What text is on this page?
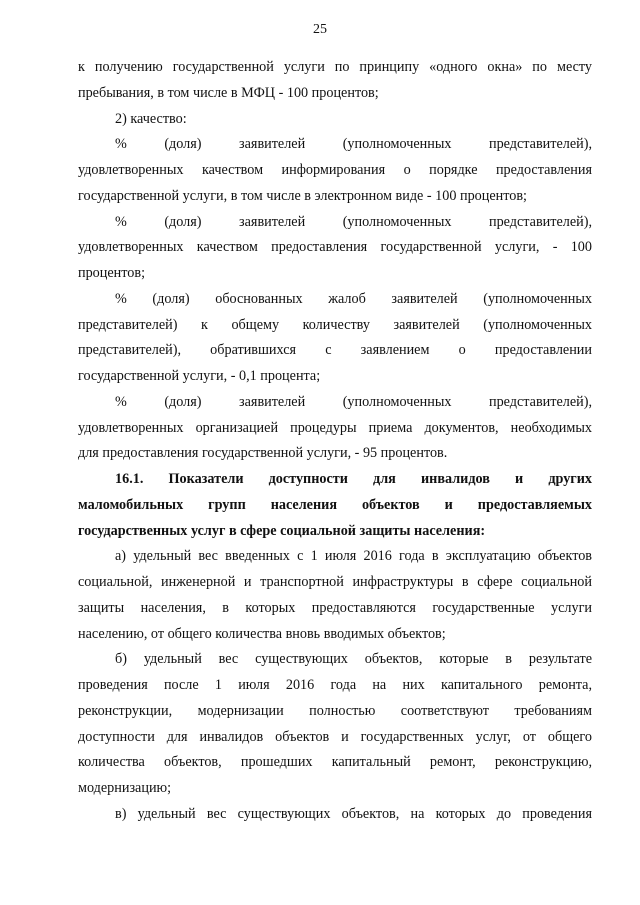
25
к получению государственной услуги по принципу «одного окна» по месту
пребывания, в том числе в МФЦ - 100 процентов;
2) качество:
% (доля) заявителей (уполномоченных представителей),
удовлетворенных качеством информирования о порядке предоставления
государственной услуги, в том числе в электронном виде - 100 процентов;
% (доля) заявителей (уполномоченных представителей),
удовлетворенных качеством предоставления государственной услуги, - 100
процентов;
% (доля) обоснованных жалоб заявителей (уполномоченных
представителей) к общему количеству заявителей (уполномоченных
представителей), обратившихся с заявлением о предоставлении
государственной услуги, - 0,1 процента;
% (доля) заявителей (уполномоченных представителей),
удовлетворенных организацией процедуры приема документов, необходимых
для предоставления государственной услуги, - 95 процентов.
16.1. Показатели доступности для инвалидов и других
маломобильных групп населения объектов и предоставляемых
государственных услуг в сфере социальной защиты населения:
а) удельный вес введенных с 1 июля 2016 года в эксплуатацию объектов
социальной, инженерной и транспортной инфраструктуры в сфере социальной
защиты населения, в которых предоставляются государственные услуги
населению, от общего количества вновь вводимых объектов;
б) удельный вес существующих объектов, которые в результате
проведения после 1 июля 2016 года на них капитального ремонта,
реконструкции, модернизации полностью соответствуют требованиям
доступности для инвалидов объектов и государственных услуг, от общего
количества объектов, прошедших капитальный ремонт, реконструкцию,
модернизацию;
в) удельный вес существующих объектов, на которых до проведения
